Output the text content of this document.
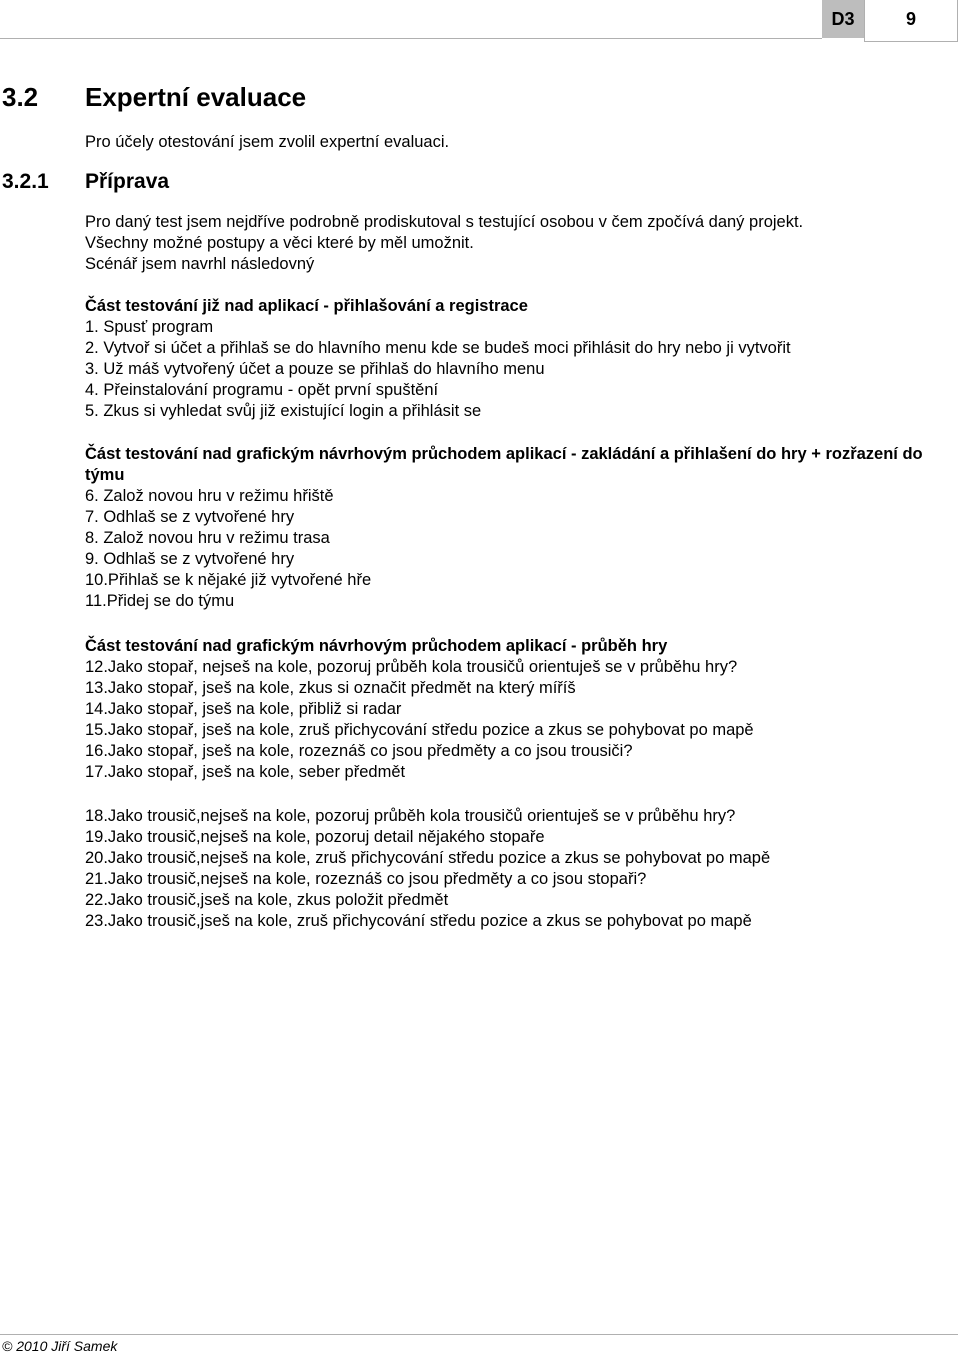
D3	9
3.2 Expertní evaluace
Pro účely otestování jsem zvolil expertní evaluaci.
3.2.1 Příprava
Pro daný test jsem nejdříve podrobně prodiskutoval s testující osobou v čem zpočívá daný projekt.
Všechny možné postupy a věci které by měl umožnit.
Scénář jsem navrhl následovný
Část testování již nad aplikací - přihlašování a registrace
1. Spusť program
2. Vytvoř si účet a přihlaš se do hlavního menu kde se budeš moci přihlásit do hry nebo ji vytvořit
3. Už máš vytvořený účet a pouze se přihlaš do hlavního menu
4. Přeinstalování programu - opět první spuštění
5. Zkus si vyhledat svůj již existující login a přihlásit se
Část testování nad grafickým návrhovým průchodem aplikací - zakládání a přihlašení do hry + rozřazení do týmu
6. Založ novou hru v režimu hřiště
7. Odhlaš se z vytvořené hry
8. Založ novou hru v režimu trasa
9. Odhlaš se z vytvořené hry
10.Přihlaš se k nějaké již vytvořené hře
11.Přidej se do týmu
Část testování nad grafickým návrhovým průchodem aplikací - průběh hry
12.Jako stopař, nejseš na kole, pozoruj průběh kola trousičů orientuješ se v průběhu hry?
13.Jako stopař, jseš na kole, zkus si označit předmět na který míříš
14.Jako stopař, jseš na kole, přibliž si radar
15.Jako stopař, jseš na kole, zruš přichycování středu pozice a zkus se pohybovat po mapě
16.Jako stopař, jseš na kole, rozeznáš co jsou předměty a co jsou trousiči?
17.Jako stopař, jseš na kole, seber předmět
18.Jako trousič,nejseš na kole, pozoruj průběh kola trousičů orientuješ se v průběhu hry?
19.Jako trousič,nejseš na kole, pozoruj detail nějakého stopaře
20.Jako trousič,nejseš na kole, zruš přichycování středu pozice a zkus se pohybovat po mapě
21.Jako trousič,nejseš na kole, rozeznáš co jsou předměty a co jsou stopaři?
22.Jako trousič,jseš na kole, zkus položit předmět
23.Jako trousič,jseš na kole, zruš přichycování středu pozice a zkus se pohybovat po mapě
© 2010 Jiří Samek
